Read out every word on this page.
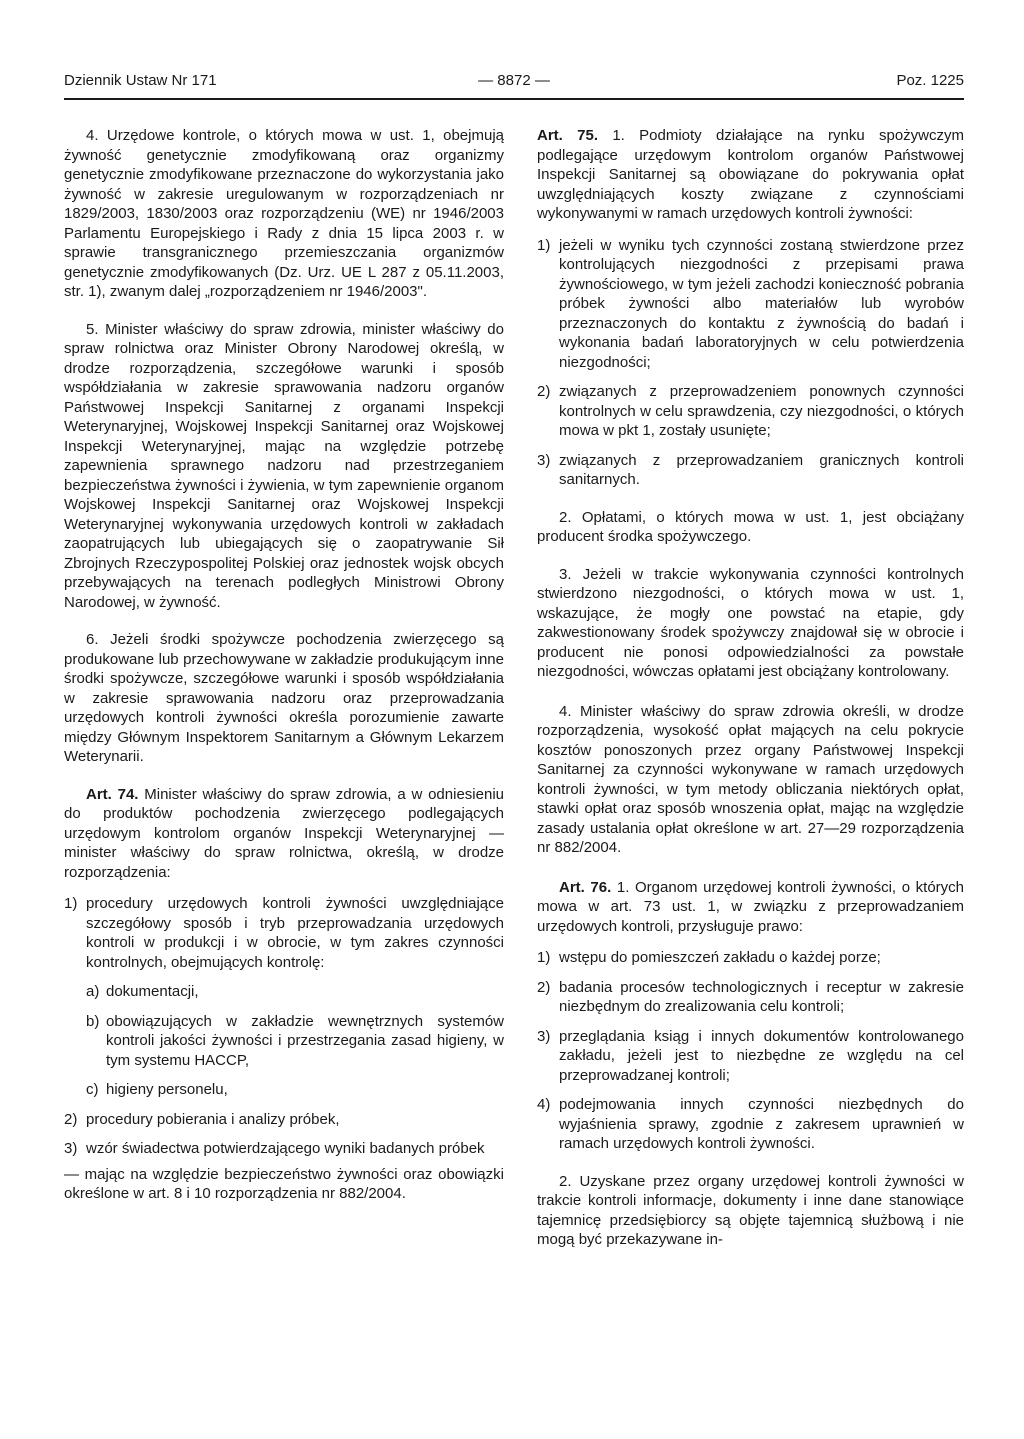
Dziennik Ustaw Nr 171	— 8872 —	Poz. 1225

4. Urzędowe kontrole, o których mowa w ust. 1, obejmują żywność genetycznie zmodyfikowaną oraz organizmy genetycznie zmodyfikowane przeznaczone do wykorzystania jako żywność w zakresie uregulowanym w rozporządzeniach nr 1829/2003, 1830/2003 oraz rozporządzeniu (WE) nr 1946/2003 Parlamentu Europejskiego i Rady z dnia 15 lipca 2003 r. w sprawie transgranicznego przemieszczania organizmów genetycznie zmodyfikowanych (Dz. Urz. UE L 287 z 05.11.2003, str. 1), zwanym dalej „rozporządzeniem nr 1946/2003".

5. Minister właściwy do spraw zdrowia, minister właściwy do spraw rolnictwa oraz Minister Obrony Narodowej określą, w drodze rozporządzenia, szczegółowe warunki i sposób współdziałania w zakresie sprawowania nadzoru organów Państwowej Inspekcji Sanitarnej z organami Inspekcji Weterynaryjnej, Wojskowej Inspekcji Sanitarnej oraz Wojskowej Inspekcji Weterynaryjnej, mając na względzie potrzebę zapewnienia sprawnego nadzoru nad przestrzeganiem bezpieczeństwa żywności i żywienia, w tym zapewnienie organom Wojskowej Inspekcji Sanitarnej oraz Wojskowej Inspekcji Weterynaryjnej wykonywania urzędowych kontroli w zakładach zaopatrujących lub ubiegających się o zaopatrywanie Sił Zbrojnych Rzeczypospolitej Polskiej oraz jednostek wojsk obcych przebywających na terenach podległych Ministrowi Obrony Narodowej, w żywność.

6. Jeżeli środki spożywcze pochodzenia zwierzęcego są produkowane lub przechowywane w zakładzie produkującym inne środki spożywcze, szczegółowe warunki i sposób współdziałania w zakresie sprawowania nadzoru oraz przeprowadzania urzędowych kontroli żywności określa porozumienie zawarte między Głównym Inspektorem Sanitarnym a Głównym Lekarzem Weterynarii.

Art. 74. Minister właściwy do spraw zdrowia, a w odniesieniu do produktów pochodzenia zwierzęcego podlegających urzędowym kontrolom organów Inspekcji Weterynaryjnej — minister właściwy do spraw rolnictwa, określą, w drodze rozporządzenia:

1) procedury urzędowych kontroli żywności uwzględniające szczegółowy sposób i tryb przeprowadzania urzędowych kontroli w produkcji i w obrocie, w tym zakres czynności kontrolnych, obejmujących kontrolę:
a) dokumentacji,
b) obowiązujących w zakładzie wewnętrznych systemów kontroli jakości żywności i przestrzegania zasad higieny, w tym systemu HACCP,
c) higieny personelu,
2) procedury pobierania i analizy próbek,
3) wzór świadectwa potwierdzającego wyniki badanych próbek

— mając na względzie bezpieczeństwo żywności oraz obowiązki określone w art. 8 i 10 rozporządzenia nr 882/2004.

Art. 75. 1. Podmioty działające na rynku spożywczym podlegające urzędowym kontrolom organów Państwowej Inspekcji Sanitarnej są obowiązane do pokrywania opłat uwzględniających koszty związane z czynnościami wykonywanymi w ramach urzędowych kontroli żywności:

1) jeżeli w wyniku tych czynności zostaną stwierdzone przez kontrolujących niezgodności z przepisami prawa żywnościowego, w tym jeżeli zachodzi konieczność pobrania próbek żywności albo materiałów lub wyrobów przeznaczonych do kontaktu z żywnością do badań i wykonania badań laboratoryjnych w celu potwierdzenia niezgodności;
2) związanych z przeprowadzeniem ponownych czynności kontrolnych w celu sprawdzenia, czy niezgodności, o których mowa w pkt 1, zostały usunięte;
3) związanych z przeprowadzaniem granicznych kontroli sanitarnych.

2. Opłatami, o których mowa w ust. 1, jest obciążany producent środka spożywczego.

3. Jeżeli w trakcie wykonywania czynności kontrolnych stwierdzono niezgodności, o których mowa w ust. 1, wskazujące, że mogły one powstać na etapie, gdy zakwestionowany środek spożywczy znajdował się w obrocie i producent nie ponosi odpowiedzialności za powstałe niezgodności, wówczas opłatami jest obciążany kontrolowany.

4. Minister właściwy do spraw zdrowia określi, w drodze rozporządzenia, wysokość opłat mających na celu pokrycie kosztów ponoszonych przez organy Państwowej Inspekcji Sanitarnej za czynności wykonywane w ramach urzędowych kontroli żywności, w tym metody obliczania niektórych opłat, stawki opłat oraz sposób wnoszenia opłat, mając na względzie zasady ustalania opłat określone w art. 27—29 rozporządzenia nr 882/2004.

Art. 76. 1. Organom urzędowej kontroli żywności, o których mowa w art. 73 ust. 1, w związku z przeprowadzaniem urzędowych kontroli, przysługuje prawo:

1) wstępu do pomieszczeń zakładu o każdej porze;
2) badania procesów technologicznych i receptur w zakresie niezbędnym do zrealizowania celu kontroli;
3) przeglądania ksiąg i innych dokumentów kontrolowanego zakładu, jeżeli jest to niezbędne ze względu na cel przeprowadzanej kontroli;
4) podejmowania innych czynności niezbędnych do wyjaśnienia sprawy, zgodnie z zakresem uprawnień w ramach urzędowych kontroli żywności.

2. Uzyskane przez organy urzędowej kontroli żywności w trakcie kontroli informacje, dokumenty i inne dane stanowiące tajemnicę przedsiębiorcy są objęte tajemnicą służbową i nie mogą być przekazywane in-
